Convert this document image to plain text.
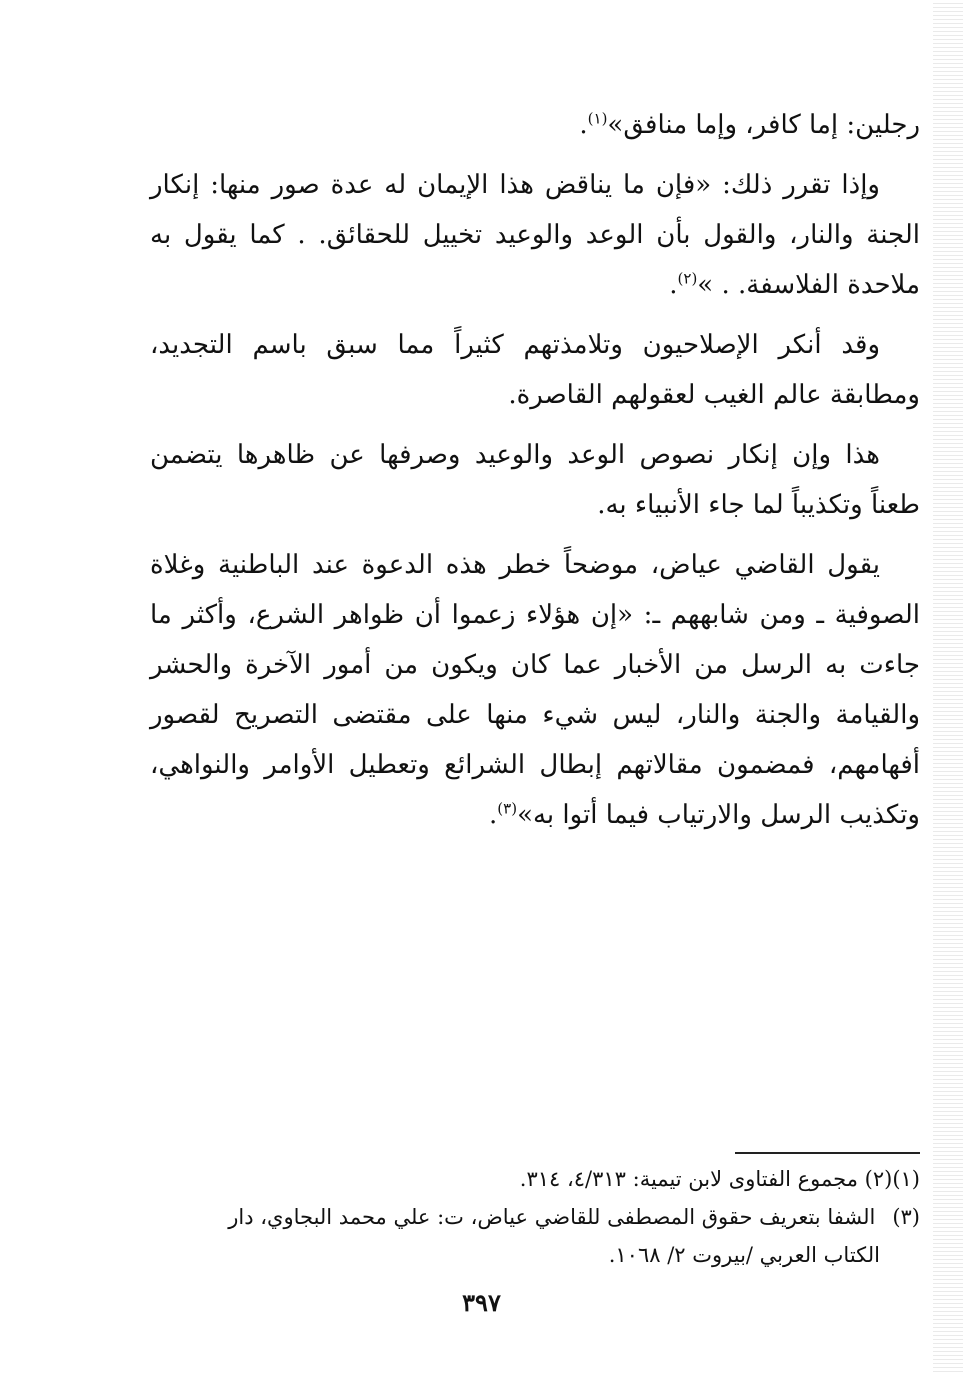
رجلين: إما كافر، وإما منافق»$^{(١)}$.

وإذا تقرر ذلك: «فإن ما يناقض هذا الإيمان له عدة صور منها: إنكار الجنة والنار، والقول بأن الوعد والوعيد تخييل للحقائق. . كما يقول به ملاحدة الفلاسفة. . »$^{(٢)}$.

وقد أنكر الإصلاحيون وتلامذتهم كثيراً مما سبق باسم التجديد، ومطابقة عالم الغيب لعقولهم القاصرة.

هذا وإن إنكار نصوص الوعد والوعيد وصرفها عن ظاهرها يتضمن طعناً وتكذيباً لما جاء الأنبياء به.

يقول القاضي عياض، موضحاً خطر هذه الدعوة عند الباطنية وغلاة الصوفية ـ ومن شابههم ـ: «إن هؤلاء زعموا أن ظواهر الشرع، وأكثر ما جاءت به الرسل من الأخبار عما كان ويكون من أمور الآخرة والحشر والقيامة والجنة والنار، ليس شيء منها على مقتضى التصريح لقصور أفهامهم، فمضمون مقالاتهم إبطال الشرائع وتعطيل الأوامر والنواهي، وتكذيب الرسل والارتياب فيما أتوا به»$^{(٣)}$.

(١)(٢) مجموع الفتاوى لابن تيمية: ٤/٣١٣، ٣١٤.

(٣) الشفا بتعريف حقوق المصطفى للقاضي عياض، ت: علي محمد البجاوي، دار

الكتاب العربي /بيروت ٢/ ١٠٦٨.

٣٩٧
